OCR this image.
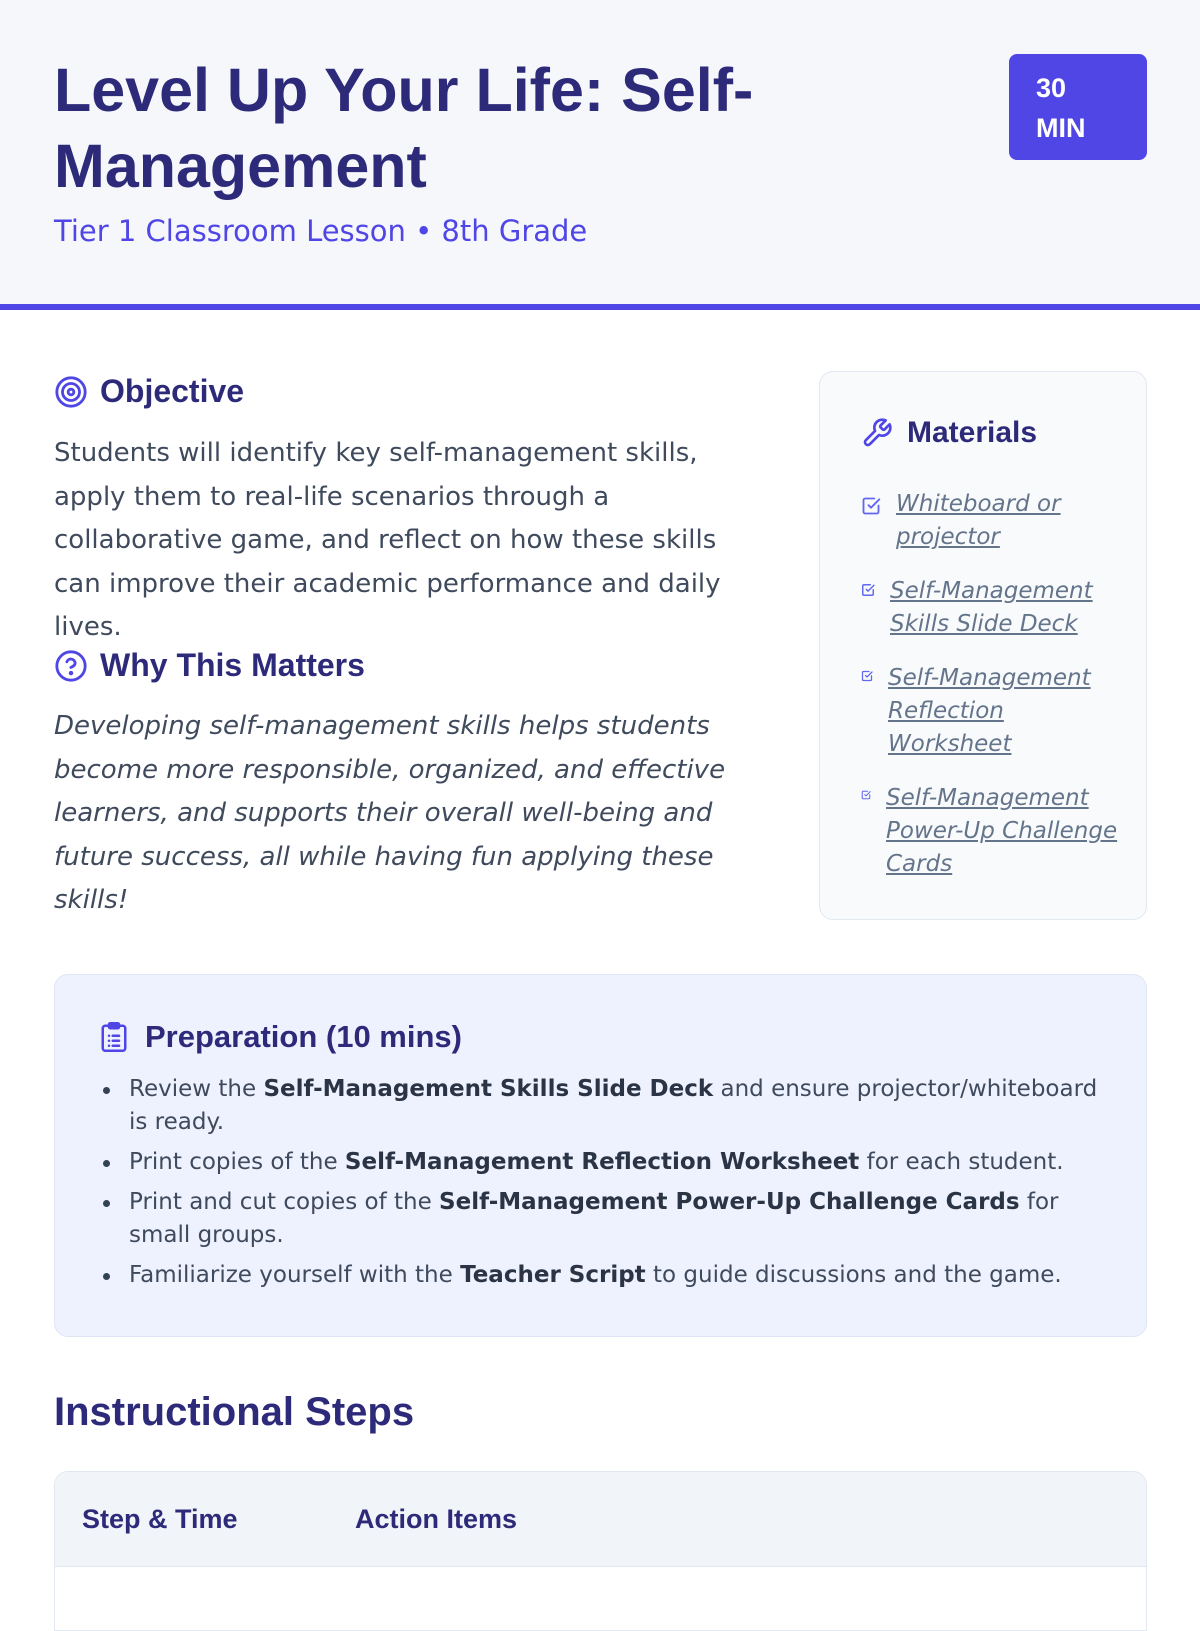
Level Up Your Life: Self-Management
Tier 1 Classroom Lesson • 8th Grade
30
MIN
Objective
Students will identify key self-management skills, apply them to real-life scenarios through a collaborative game, and reflect on how these skills can improve their academic performance and daily lives.
Why This Matters
Developing self-management skills helps students become more responsible, organized, and effective learners, and supports their overall well-being and future success, all while having fun applying these skills!
Materials
Whiteboard or projector
Self-Management Skills Slide Deck
Self-Management Reflection Worksheet
Self-Management Power-Up Challenge Cards
Preparation (10 mins)
Review the Self-Management Skills Slide Deck and ensure projector/whiteboard is ready.
Print copies of the Self-Management Reflection Worksheet for each student.
Print and cut copies of the Self-Management Power-Up Challenge Cards for small groups.
Familiarize yourself with the Teacher Script to guide discussions and the game.
Instructional Steps
Step & Time	Action Items
